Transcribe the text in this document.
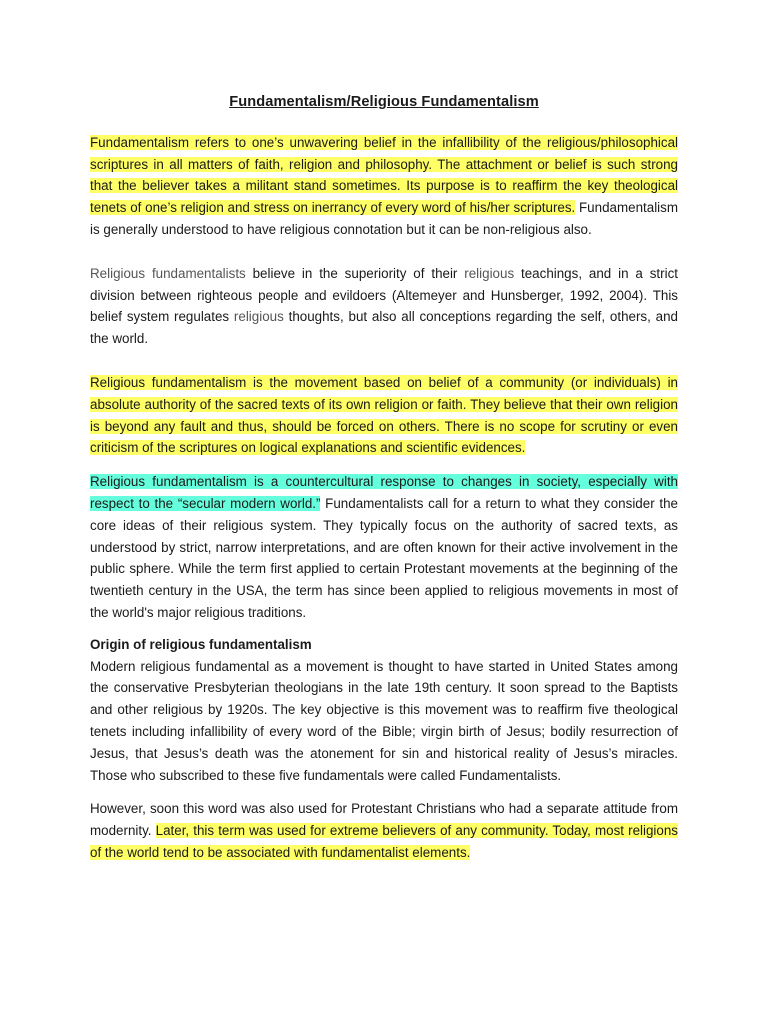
Fundamentalism/Religious Fundamentalism

Fundamentalism refers to one’s unwavering belief in the infallibility of the religious/philosophical scriptures in all matters of faith, religion and philosophy. The attachment or belief is such strong that the believer takes a militant stand sometimes. Its purpose is to reaffirm the key theological tenets of one’s religion and stress on inerrancy of every word of his/her scriptures. Fundamentalism is generally understood to have religious connotation but it can be non-religious also.

Religious fundamentalists believe in the superiority of their religious teachings, and in a strict division between righteous people and evildoers (Altemeyer and Hunsberger, 1992, 2004). This belief system regulates religious thoughts, but also all conceptions regarding the self, others, and the world.

Religious fundamentalism is the movement based on belief of a community (or individuals) in absolute authority of the sacred texts of its own religion or faith. They believe that their own religion is beyond any fault and thus, should be forced on others. There is no scope for scrutiny or even criticism of the scriptures on logical explanations and scientific evidences.

Religious fundamentalism is a countercultural response to changes in society, especially with respect to the “secular modern world.” Fundamentalists call for a return to what they consider the core ideas of their religious system. They typically focus on the authority of sacred texts, as understood by strict, narrow interpretations, and are often known for their active involvement in the public sphere. While the term first applied to certain Protestant movements at the beginning of the twentieth century in the USA, the term has since been applied to religious movements in most of the world's major religious traditions.

Origin of religious fundamentalism

Modern religious fundamental as a movement is thought to have started in United States among the conservative Presbyterian theologians in the late 19th century. It soon spread to the Baptists and other religious by 1920s. The key objective is this movement was to reaffirm five theological tenets including infallibility of every word of the Bible; virgin birth of Jesus; bodily resurrection of Jesus, that Jesus’s death was the atonement for sin and historical reality of Jesus’s miracles. Those who subscribed to these five fundamentals were called Fundamentalists.

However, soon this word was also used for Protestant Christians who had a separate attitude from modernity. Later, this term was used for extreme believers of any community. Today, most religions of the world tend to be associated with fundamentalist elements.
